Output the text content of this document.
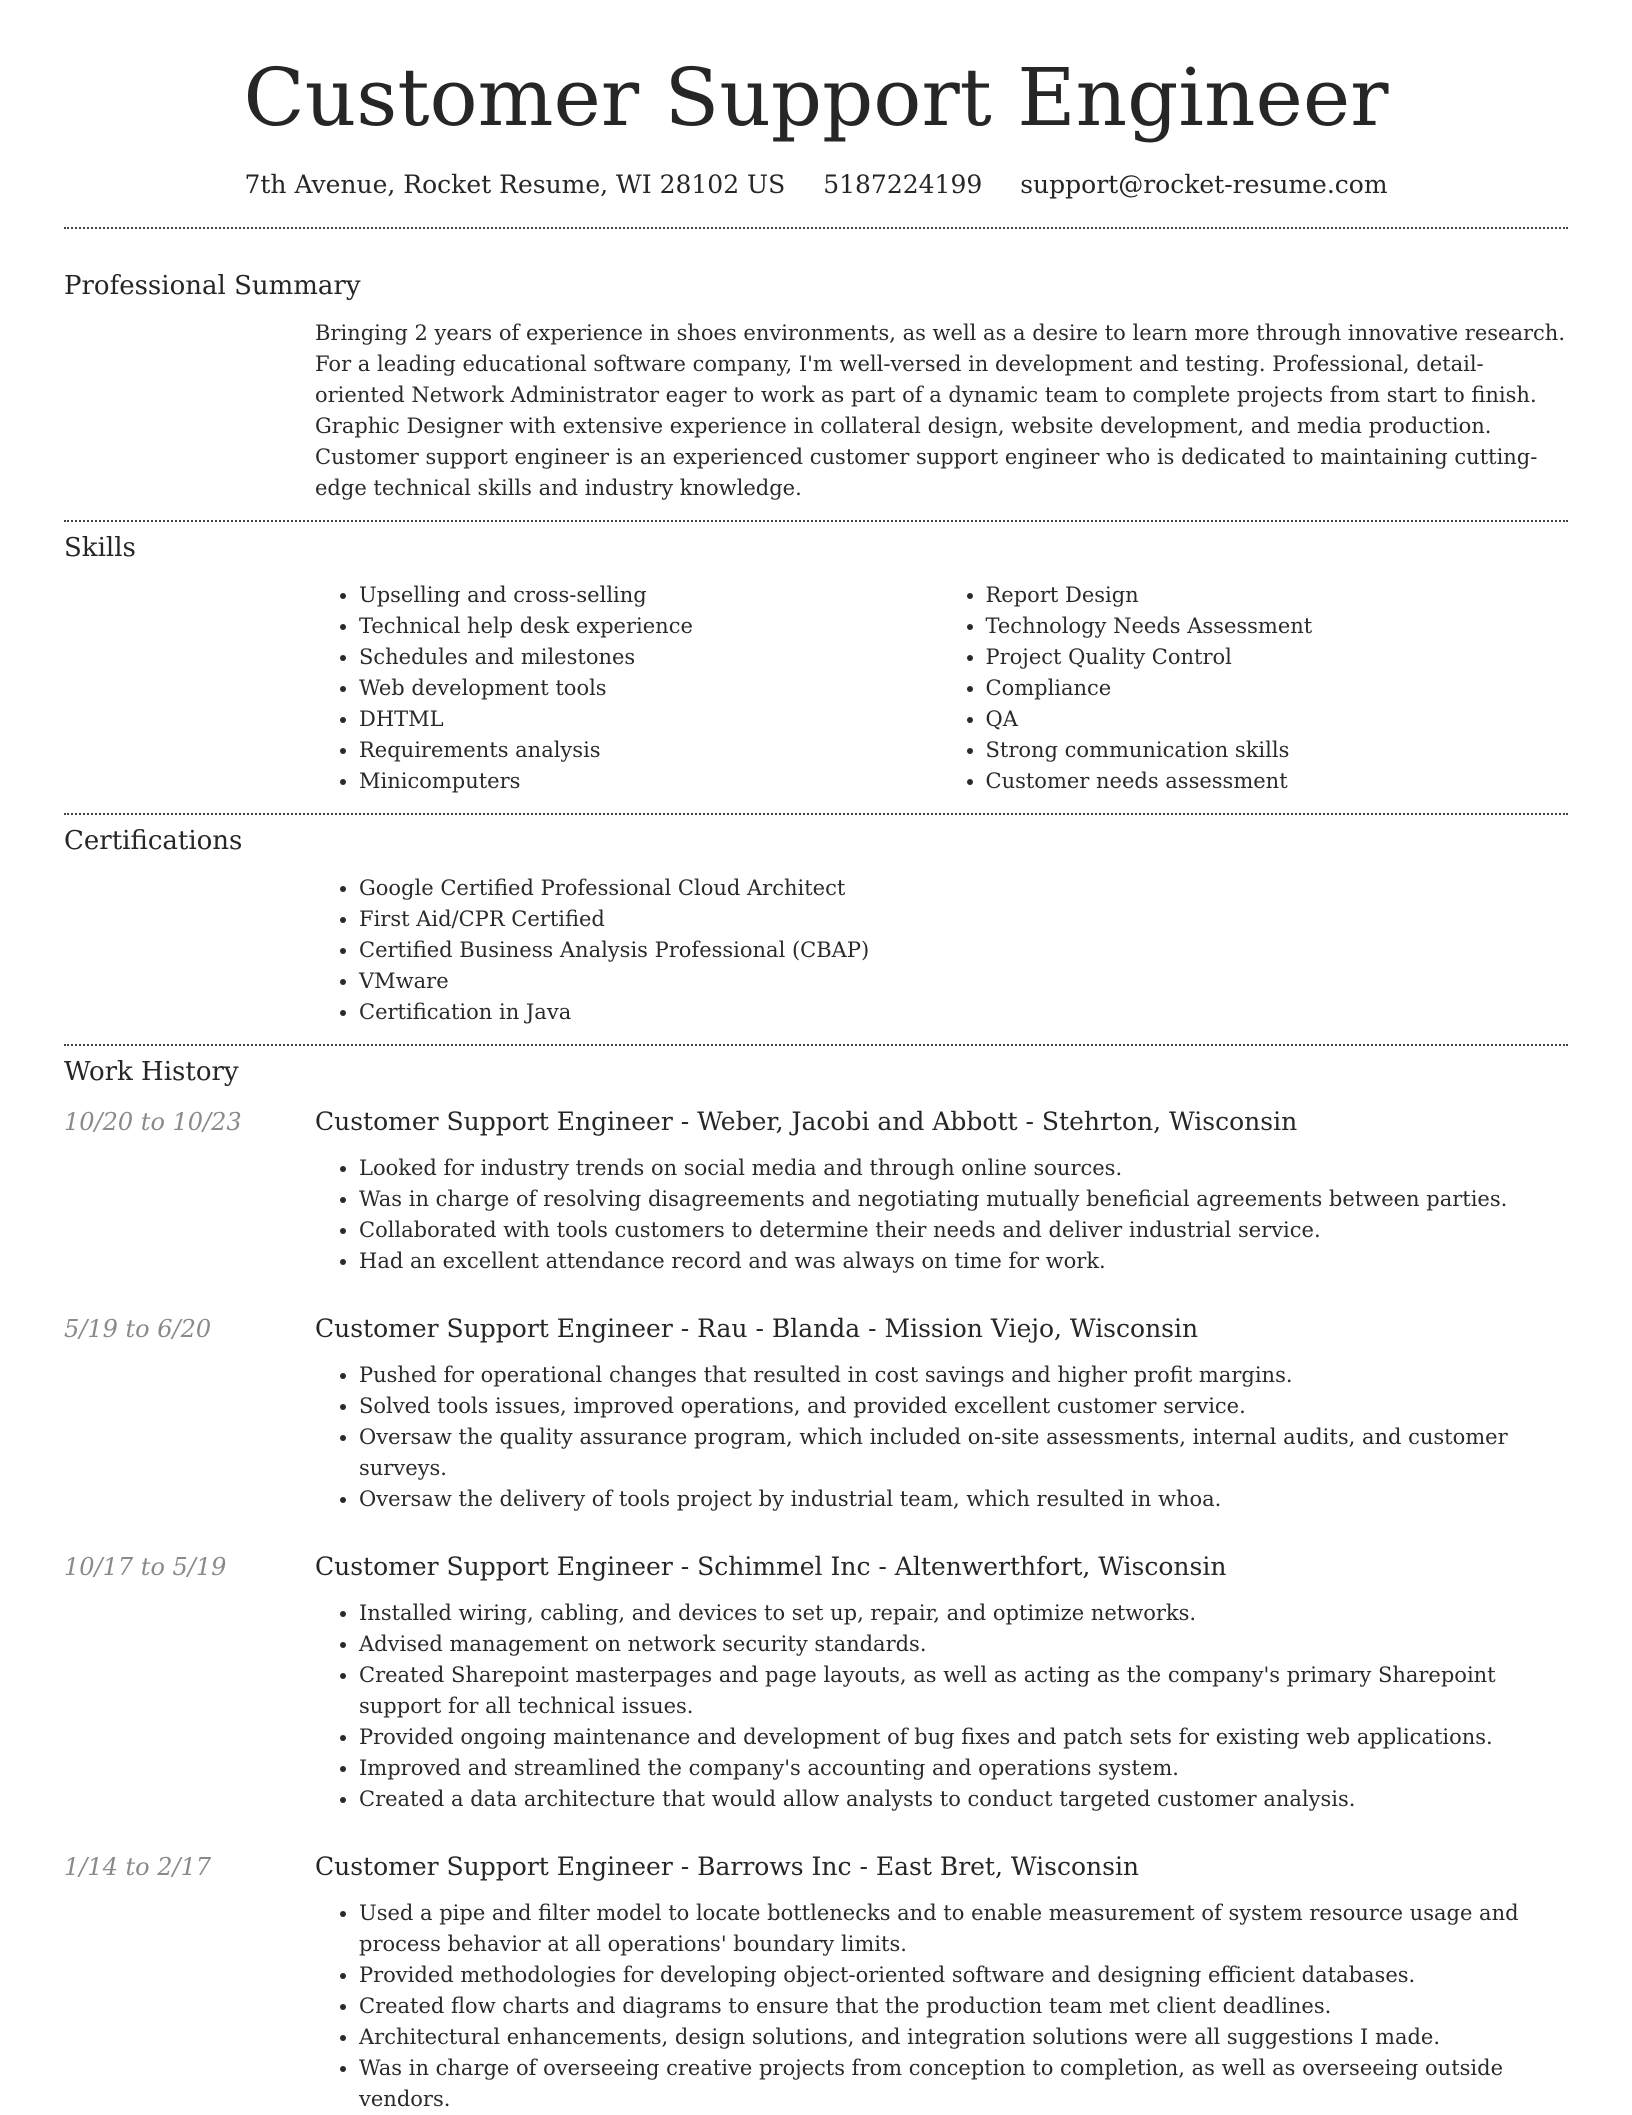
Customer Support Engineer
7th Avenue, Rocket Resume, WI 28102 US 5187224199 support@rocket-resume.com
Professional Summary

Bringing 2 years of experience in shoes environments, as well as a desire to learn more through innovative research. For a leading educational software company, I'm well-versed in development and testing. Professional, detail-oriented Network Administrator eager to work as part of a dynamic team to complete projects from start to finish. Graphic Designer with extensive experience in collateral design, website development, and media production. Customer support engineer is an experienced customer support engineer who is dedicated to maintaining cutting-edge technical skills and industry knowledge.

Skills
• Upselling and cross-selling
• Technical help desk experience
• Schedules and milestones
• Web development tools
• DHTML
• Requirements analysis
• Minicomputers
• Report Design
• Technology Needs Assessment
• Project Quality Control
• Compliance
• QA
• Strong communication skills
• Customer needs assessment
Certifications
• Google Certified Professional Cloud Architect
• First Aid/CPR Certified
• Certified Business Analysis Professional (CBAP)
• VMware
• Certification in Java
Work History
10/20 to 10/23	Customer Support Engineer - Weber, Jacobi and Abbott - Stehrton, Wisconsin
• Looked for industry trends on social media and through online sources.
• Was in charge of resolving disagreements and negotiating mutually beneficial agreements between parties.
• Collaborated with tools customers to determine their needs and deliver industrial service.
• Had an excellent attendance record and was always on time for work.
5/19 to 6/20	Customer Support Engineer - Rau - Blanda - Mission Viejo, Wisconsin
• Pushed for operational changes that resulted in cost savings and higher profit margins.
• Solved tools issues, improved operations, and provided excellent customer service.
• Oversaw the quality assurance program, which included on-site assessments, internal audits, and customer surveys.
• Oversaw the delivery of tools project by industrial team, which resulted in whoa.
10/17 to 5/19	Customer Support Engineer - Schimmel Inc - Altenwerthfort, Wisconsin
• Installed wiring, cabling, and devices to set up, repair, and optimize networks.
• Advised management on network security standards.
• Created Sharepoint masterpages and page layouts, as well as acting as the company's primary Sharepoint support for all technical issues.
• Provided ongoing maintenance and development of bug fixes and patch sets for existing web applications.
• Improved and streamlined the company's accounting and operations system.
• Created a data architecture that would allow analysts to conduct targeted customer analysis.
1/14 to 2/17	Customer Support Engineer - Barrows Inc - East Bret, Wisconsin
• Used a pipe and filter model to locate bottlenecks and to enable measurement of system resource usage and process behavior at all operations' boundary limits.
• Provided methodologies for developing object-oriented software and designing efficient databases.
• Created flow charts and diagrams to ensure that the production team met client deadlines.
• Architectural enhancements, design solutions, and integration solutions were all suggestions I made.
• Was in charge of overseeing creative projects from conception to completion, as well as overseeing outside vendors.
